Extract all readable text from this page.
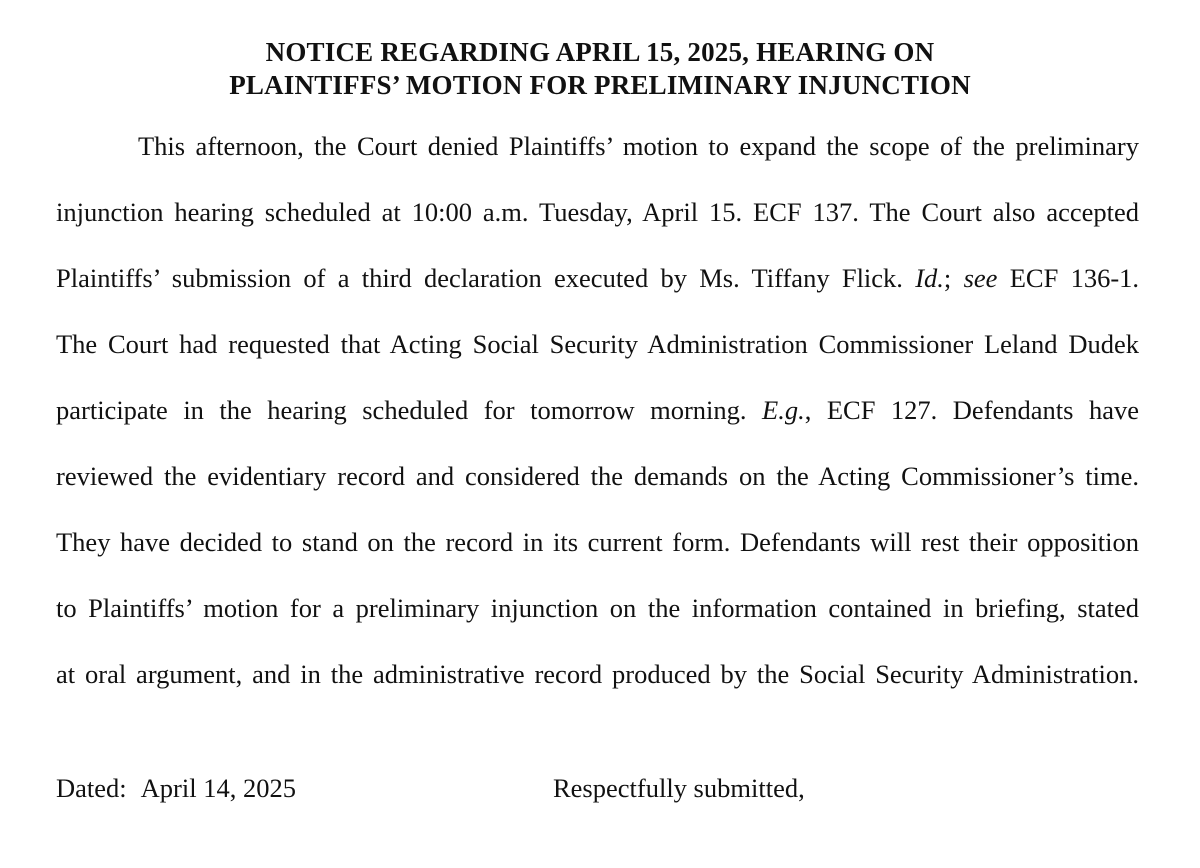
NOTICE REGARDING APRIL 15, 2025, HEARING ON
PLAINTIFFS’ MOTION FOR PRELIMINARY INJUNCTION
This afternoon, the Court denied Plaintiffs’ motion to expand the scope of the preliminary
injunction hearing scheduled at 10:00 a.m. Tuesday, April 15. ECF 137. The Court also accepted
Plaintiffs’ submission of a third declaration executed by Ms. Tiffany Flick. Id.; see ECF 136-1.
The Court had requested that Acting Social Security Administration Commissioner Leland Dudek
participate in the hearing scheduled for tomorrow morning. E.g., ECF 127. Defendants have
reviewed the evidentiary record and considered the demands on the Acting Commissioner’s time.
They have decided to stand on the record in its current form. Defendants will rest their opposition
to Plaintiffs’ motion for a preliminary injunction on the information contained in briefing, stated
at oral argument, and in the administrative record produced by the Social Security Administration.
Dated: April 14, 2025	Respectfully submitted,
